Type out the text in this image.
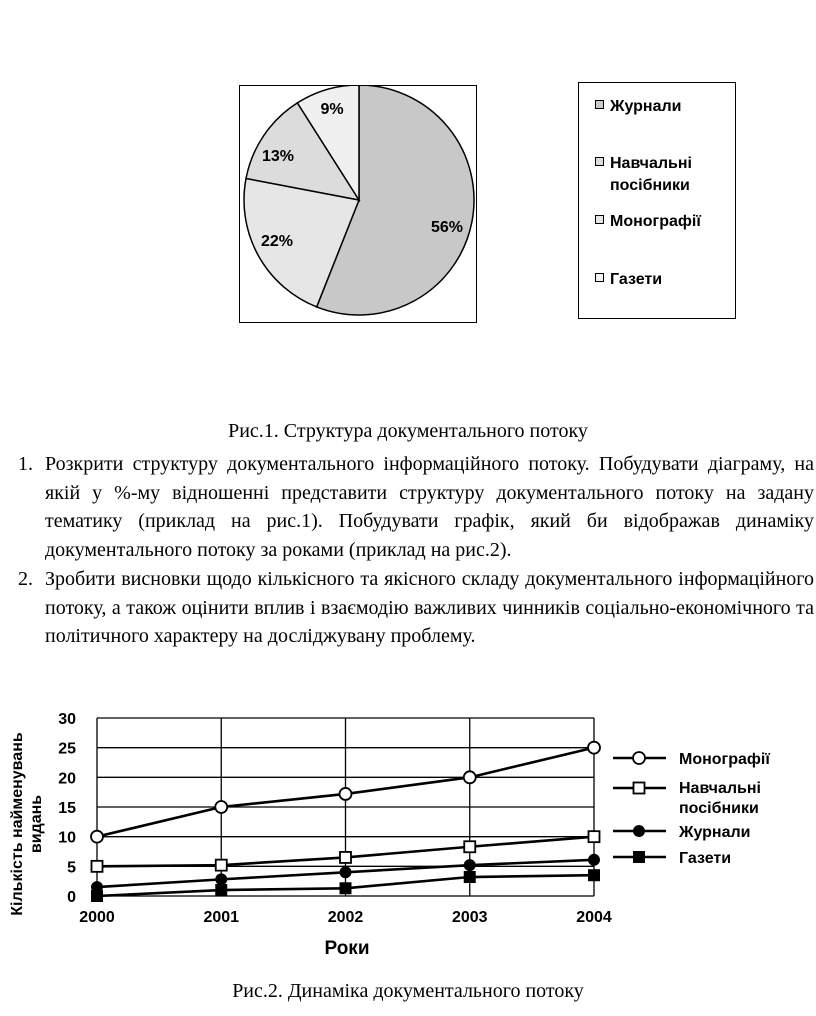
56%
22%
13%
9%	Журнали
Навчальні посібники
Монографії
Газети
Рис.1. Структура документального потоку
1. Розкрити структуру документального інформаційного потоку. Побудувати діаграму, на якій у %-му відношенні представити структуру документального потоку на задану тематику (приклад на рис.1). Побудувати графік, який би відображав динаміку документального потоку за роками (приклад на рис.2).
2. Зробити висновки щодо кількісного та якісного складу документального інформаційного потоку, а також оцінити вплив і взаємодію важливих чинників соціально-економічного та політичного характеру на досліджувану проблему.
0
5
10
15
20
25
30
2000	2001	2002	2003	2004
Роки
Кількість найменувань видань
Монографії
Навчальні посібники
Журнали
Газети
Рис.2. Динаміка документального потоку
